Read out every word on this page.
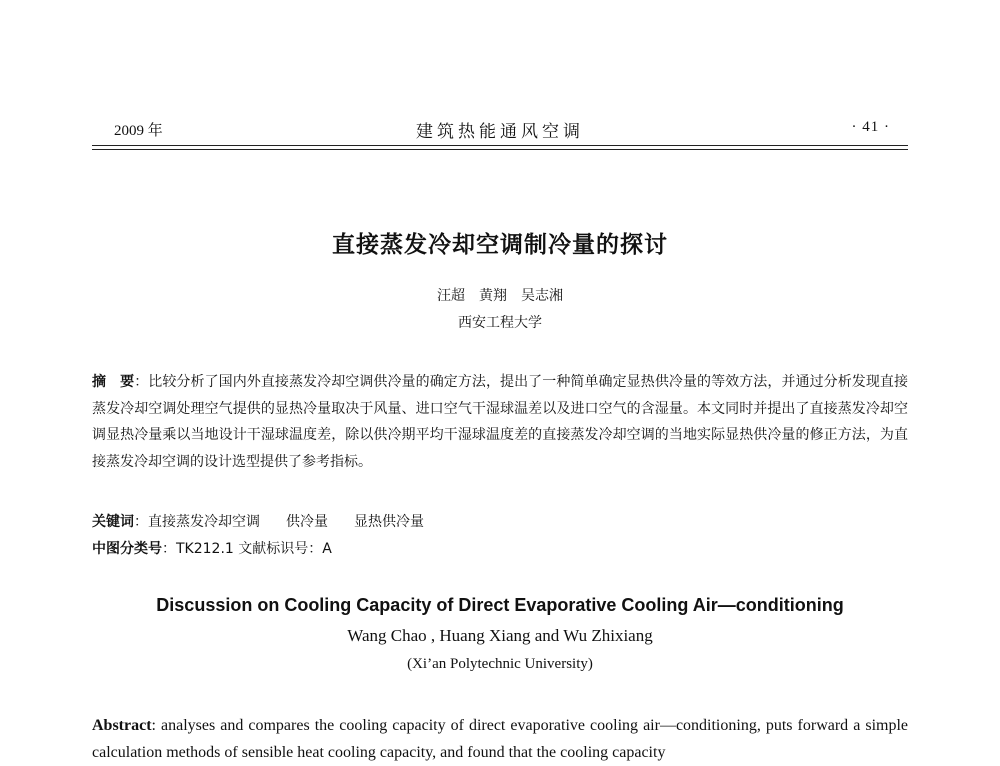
2009 年	建筑热能通风空调	· 41 ·
直接蒸发冷却空调制冷量的探讨
汪超　黄翔　吴志湘
西安工程大学
摘　要：比较分析了国内外直接蒸发冷却空调供冷量的确定方法，提出了一种简单确定显热供冷量的等效方法，并通过分析发现直接蒸发冷却空调处理空气提供的显热冷量取决于风量、进口空气干湿球温差以及进口空气的含湿量。本文同时并提出了直接蒸发冷却空调显热冷量乘以当地设计干湿球温度差，除以供冷期平均干湿球温度差的直接蒸发冷却空调的当地实际显热供冷量的修正方法，为直接蒸发冷却空调的设计选型提供了参考指标。
关键词：直接蒸发冷却空调 供冷量 显热供冷量
中图分类号：TK212.1 文献标识号：A
Discussion on Cooling Capacity of Direct Evaporative Cooling Air—conditioning
Wang Chao , Huang Xiang and Wu Zhixiang
(Xi’an Polytechnic University)
Abstract: analyses and compares the cooling capacity of direct evaporative cooling air—conditioning, puts forward a simple calculation methods of sensible heat cooling capacity, and found that the cooling capacity
